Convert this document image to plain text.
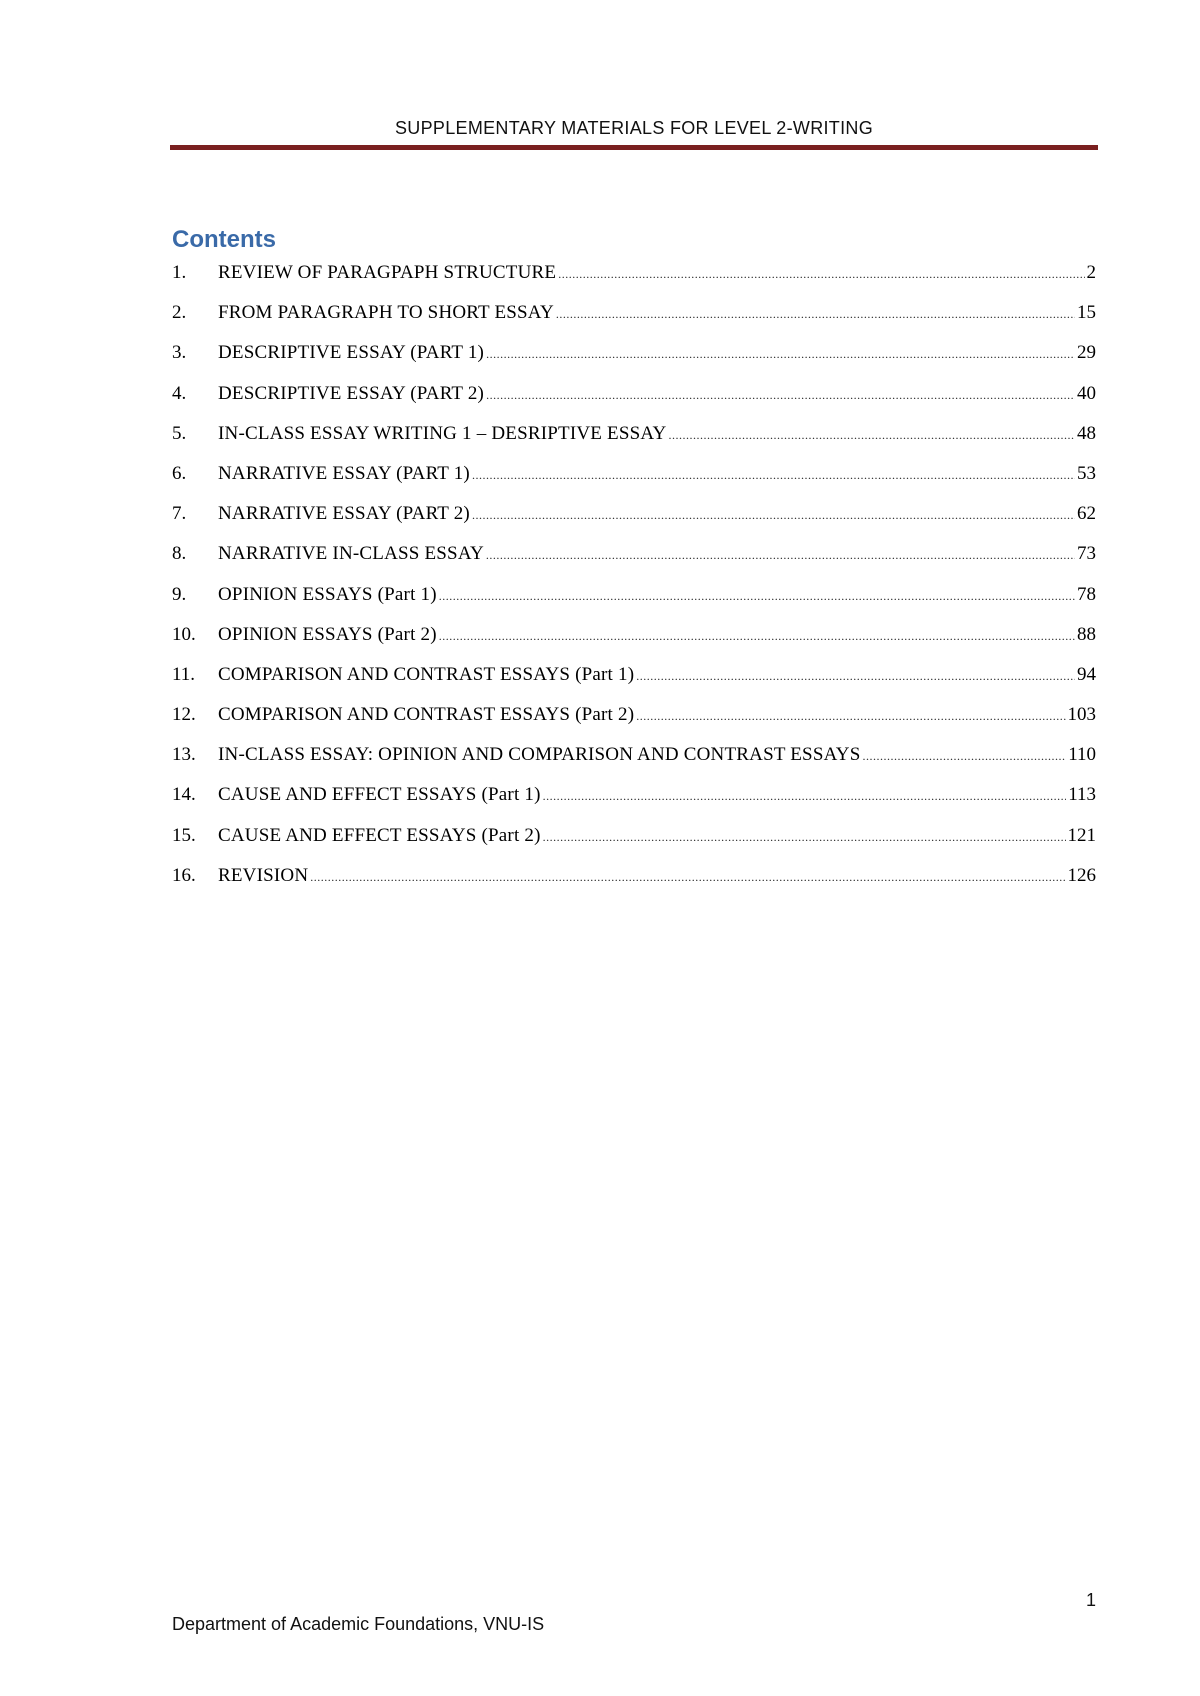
SUPPLEMENTARY MATERIALS FOR LEVEL 2-WRITING
Contents
1.	REVIEW OF PARAGPAPH STRUCTURE .....	2
2.	FROM PARAGRAPH TO SHORT ESSAY .....	15
3.	DESCRIPTIVE ESSAY (PART 1) .....	29
4.	DESCRIPTIVE ESSAY (PART 2) .....	40
5.	IN-CLASS ESSAY WRITING 1 – DESRIPTIVE ESSAY .....	48
6.	NARRATIVE ESSAY (PART 1) .....	53
7.	NARRATIVE ESSAY (PART 2) .....	62
8.	NARRATIVE IN-CLASS ESSAY .....	73
9.	OPINION ESSAYS (Part 1) .....	78
10.	OPINION ESSAYS (Part 2) .....	88
11.	COMPARISON AND CONTRAST ESSAYS (Part 1) .....	94
12.	COMPARISON AND CONTRAST ESSAYS (Part 2) .....	103
13.	IN-CLASS ESSAY: OPINION AND COMPARISON AND CONTRAST ESSAYS .....	110
14.	CAUSE AND EFFECT ESSAYS (Part 1) .....	113
15.	CAUSE AND EFFECT ESSAYS (Part 2) .....	121
16.	REVISION .....	126
1
Department of Academic Foundations, VNU-IS
